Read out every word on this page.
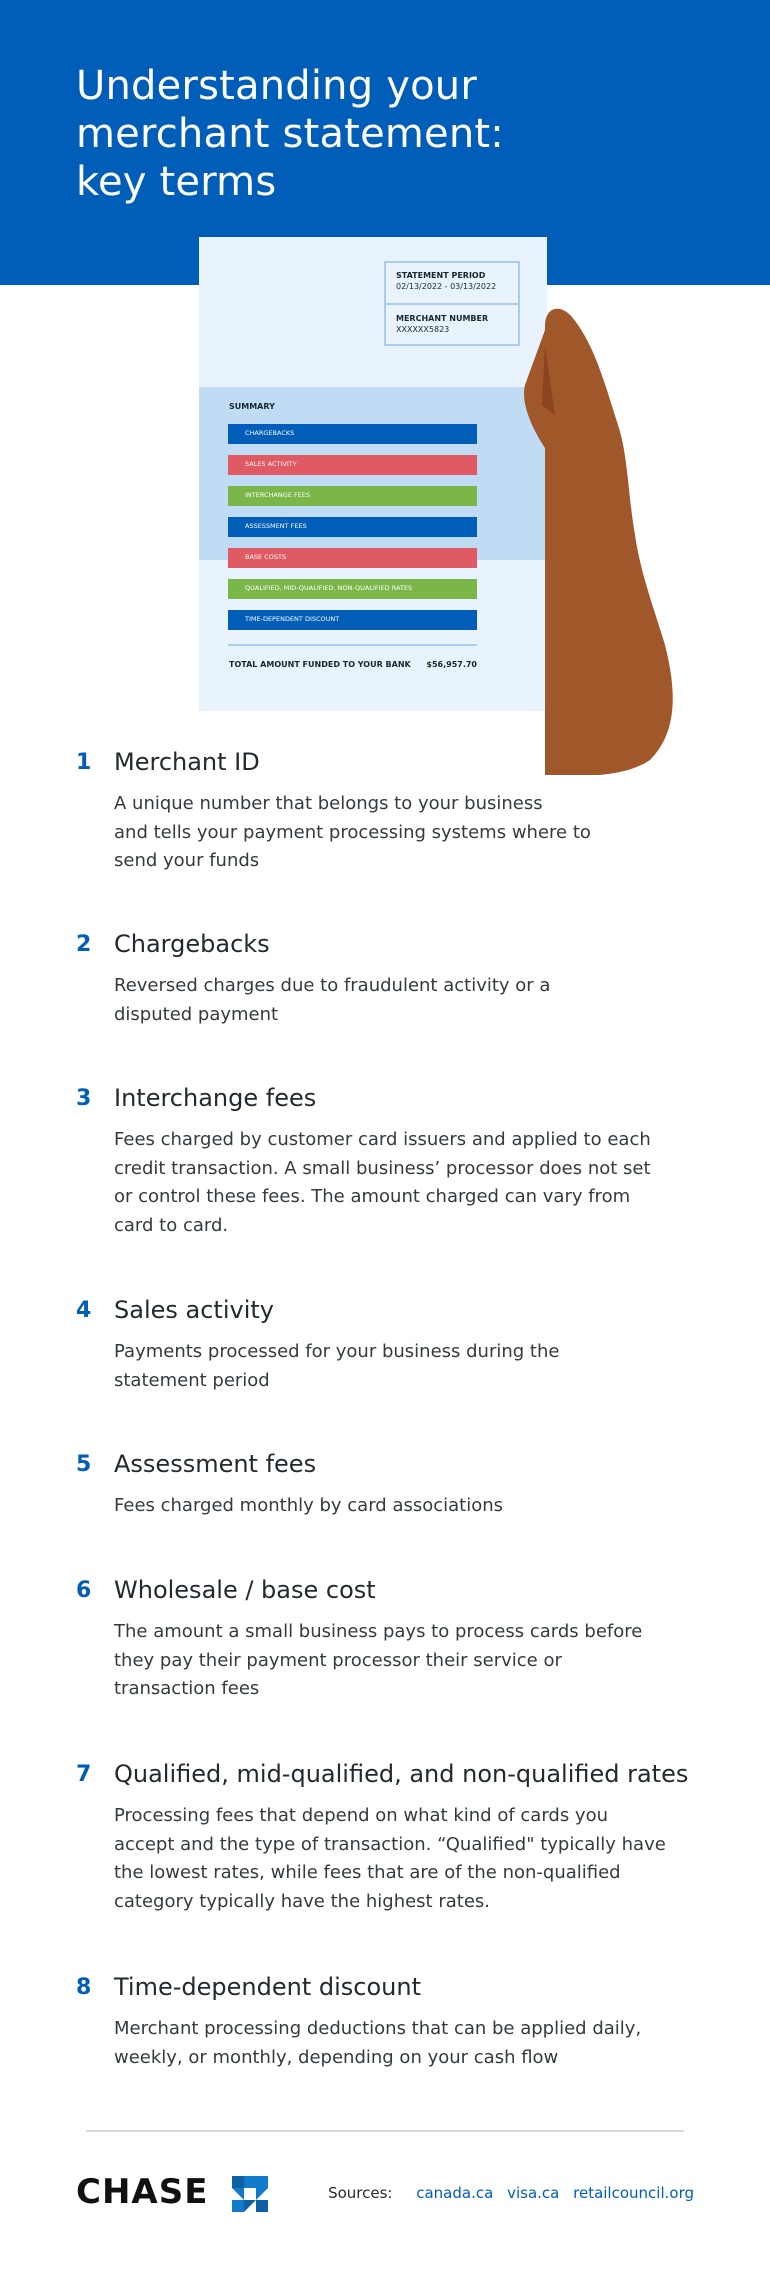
Understanding your
merchant statement:
key terms
STATEMENT PERIOD
02/13/2022 - 03/13/2022
MERCHANT NUMBER
XXXXXX5823
SUMMARY
CHARGEBACKS
SALES ACTIVITY
INTERCHANGE FEES
ASSESSMENT FEES
BASE COSTS
QUALIFIED, MID-QUALIFIED, NON-QUALIFIED RATES
TIME-DEPENDENT DISCOUNT
TOTAL AMOUNT FUNDED TO YOUR BANK $56,957.70
1 Merchant ID
A unique number that belongs to your business
and tells your payment processing systems where to
send your funds
2 Chargebacks
Reversed charges due to fraudulent activity or a
disputed payment
3 Interchange fees
Fees charged by customer card issuers and applied to each
credit transaction. A small business’ processor does not set
or control these fees. The amount charged can vary from
card to card.
4 Sales activity
Payments processed for your business during the
statement period
5 Assessment fees
Fees charged monthly by card associations
6 Wholesale / base cost
The amount a small business pays to process cards before
they pay their payment processor their service or
transaction fees
7 Qualified, mid-qualified, and non-qualified rates
Processing fees that depend on what kind of cards you
accept and the type of transaction. “Qualified" typically have
the lowest rates, while fees that are of the non-qualified
category typically have the highest rates.
8 Time-dependent discount
Merchant processing deductions that can be applied daily,
weekly, or monthly, depending on your cash flow
CHASE	Sources: canada.ca visa.ca retailcouncil.org
